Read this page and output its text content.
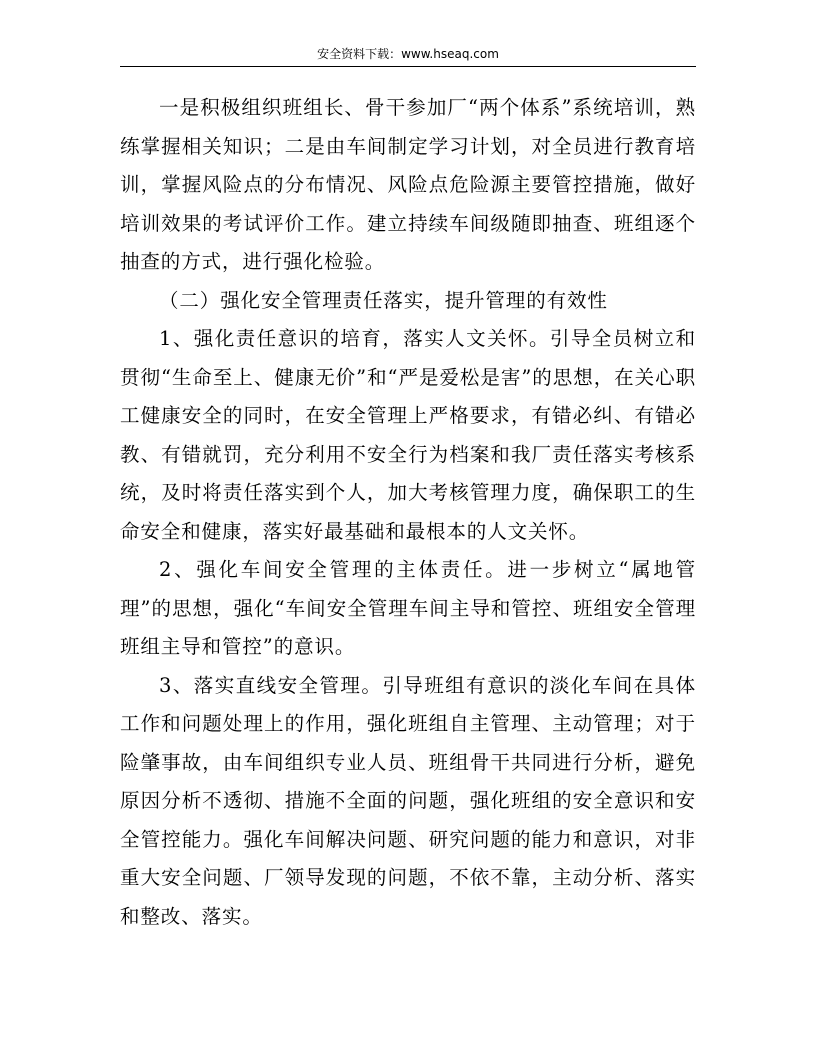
安全资料下载：www.hseaq.com

一是积极组织班组长、骨干参加厂“两个体系”系统培训，熟练掌握相关知识；二是由车间制定学习计划，对全员进行教育培训，掌握风险点的分布情况、风险点危险源主要管控措施，做好培训效果的考试评价工作。建立持续车间级随即抽查、班组逐个抽查的方式，进行强化检验。

（二）强化安全管理责任落实，提升管理的有效性

1、强化责任意识的培育，落实人文关怀。引导全员树立和贯彻“生命至上、健康无价”和“严是爱松是害”的思想，在关心职工健康安全的同时，在安全管理上严格要求，有错必纠、有错必教、有错就罚，充分利用不安全行为档案和我厂责任落实考核系统，及时将责任落实到个人，加大考核管理力度，确保职工的生命安全和健康，落实好最基础和最根本的人文关怀。

2、强化车间安全管理的主体责任。进一步树立“属地管理”的思想，强化“车间安全管理车间主导和管控、班组安全管理班组主导和管控”的意识。

3、落实直线安全管理。引导班组有意识的淡化车间在具体工作和问题处理上的作用，强化班组自主管理、主动管理；对于险肇事故，由车间组织专业人员、班组骨干共同进行分析，避免原因分析不透彻、措施不全面的问题，强化班组的安全意识和安全管控能力。强化车间解决问题、研究问题的能力和意识，对非重大安全问题、厂领导发现的问题，不依不靠，主动分析、落实和整改、落实。
